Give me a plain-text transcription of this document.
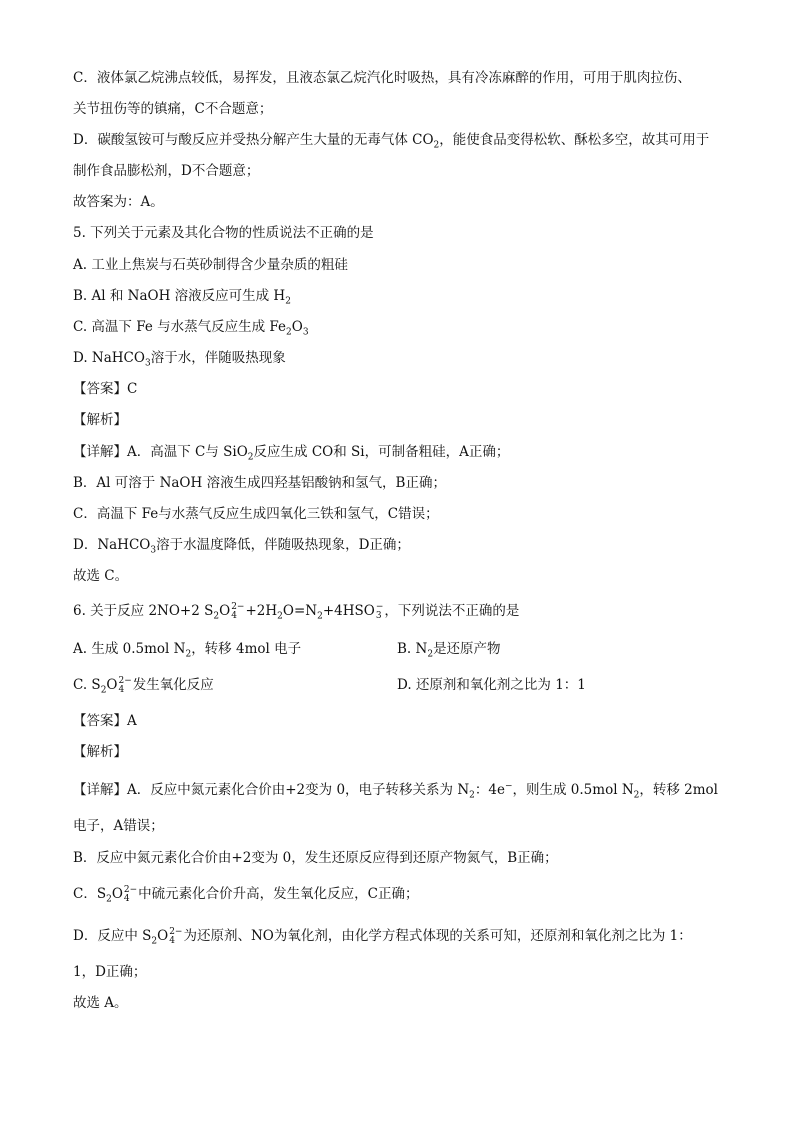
C．液体氯乙烷沸点较低，易挥发，且液态氯乙烷汽化时吸热，具有冷冻麻醉的作用，可用于肌肉拉伤、
关节扭伤等的镇痛，C不合题意；
D．碳酸氢铵可与酸反应并受热分解产生大量的无毒气体 $CO_2$，能使食品变得松软、酥松多空，故其可用于
制作食品膨松剂，D不合题意；
故答案为：A。
5. 下列关于元素及其化合物的性质说法不正确的是
A. 工业上焦炭与石英砂制得含少量杂质的粗硅
B. Al 和 NaOH 溶液反应可生成 $H_2$
C. 高温下 Fe 与水蒸气反应生成 $Fe_2O_3$
D. NaHCO$_3$溶于水，伴随吸热现象
【答案】C
【解析】
【详解】A．高温下 C与 SiO$_2$反应生成 CO和 Si，可制备粗硅，A正确；
B．Al 可溶于 NaOH 溶液生成四羟基铝酸钠和氢气，B正确；
C．高温下 Fe与水蒸气反应生成四氧化三铁和氢气，C错误；
D．NaHCO$_3$溶于水温度降低，伴随吸热现象，D正确；
故选 C。
6. 关于反应 2NO+2 $S_2O$ 2−
$4 +2H_2O=N_2+4HSO$ −
3 ，下列说法不正确的是
A. 生成 0.5mol $N_2$，转移 4mol 电子	B. $N_2$是还原产物
C. $S_2O$ 2−
4 发生氧化反应	D. 还原剂和氧化剂之比为 1：1
【答案】A
【解析】
【详解】A．反应中氮元素化合价由+2变为 0，电子转移关系为 $N_2$：4e−，则生成 0.5mol $N_2$，转移 2mol
电子，A错误；
B．反应中氮元素化合价由+2变为 0，发生还原反应得到还原产物氮气，B正确；
C．$S_2O$ 2−
4 中硫元素化合价升高，发生氧化反应，C正确；
D．反应中 $S_2O$ 2−
4 为还原剂、NO为氧化剂，由化学方程式体现的关系可知，还原剂和氧化剂之比为 1：
1，D正确；
故选 A。
